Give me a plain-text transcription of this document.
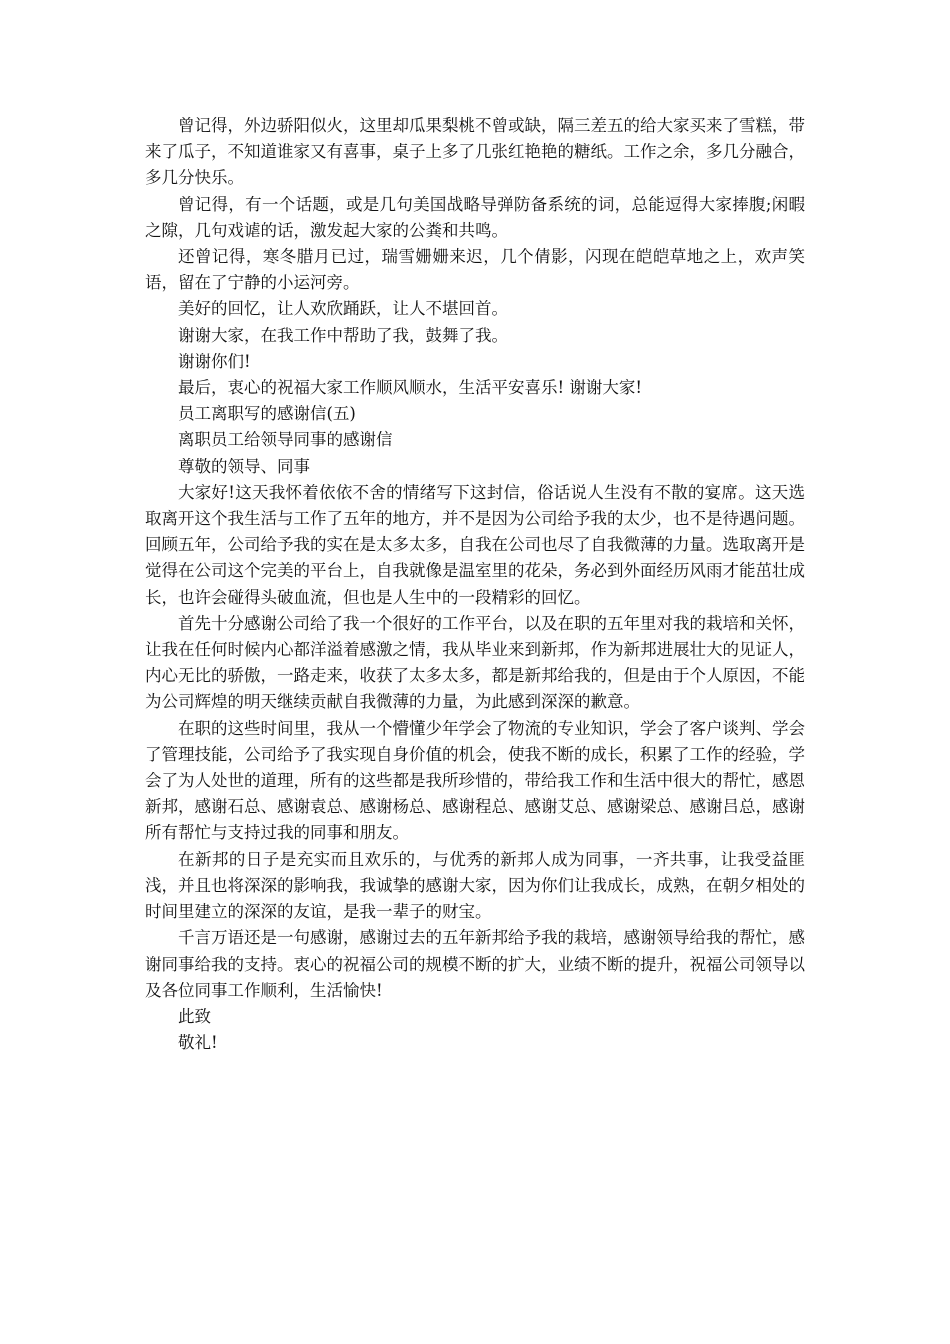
曾记得，外边骄阳似火，这里却瓜果梨桃不曾或缺，隔三差五的给大家买来了雪糕，带来了瓜子，不知道谁家又有喜事，桌子上多了几张红艳艳的糖纸。工作之余，多几分融合，多几分快乐。

曾记得，有一个话题，或是几句美国战略导弹防备系统的词，总能逗得大家捧腹;闲暇之隙，几句戏谑的话，激发起大家的公粪和共鸣。

还曾记得，寒冬腊月已过，瑞雪姗姗来迟，几个倩影，闪现在皑皑草地之上，欢声笑语，留在了宁静的小运河旁。

美好的回忆，让人欢欣踊跃，让人不堪回首。

谢谢大家，在我工作中帮助了我，鼓舞了我。

谢谢你们!

最后，衷心的祝福大家工作顺风顺水，生活平安喜乐! 谢谢大家!

员工离职写的感谢信(五)

离职员工给领导同事的感谢信

尊敬的领导、同事

大家好!这天我怀着依依不舍的情绪写下这封信，俗话说人生没有不散的宴席。这天选取离开这个我生活与工作了五年的地方，并不是因为公司给予我的太少，也不是待遇问题。回顾五年，公司给予我的实在是太多太多，自我在公司也尽了自我微薄的力量。选取离开是觉得在公司这个完美的平台上，自我就像是温室里的花朵，务必到外面经历风雨才能茁壮成长，也许会碰得头破血流，但也是人生中的一段精彩的回忆。

首先十分感谢公司给了我一个很好的工作平台，以及在职的五年里对我的栽培和关怀，让我在任何时候内心都洋溢着感激之情，我从毕业来到新邦，作为新邦进展壮大的见证人，内心无比的骄傲，一路走来，收获了太多太多，都是新邦给我的，但是由于个人原因，不能为公司辉煌的明天继续贡献自我微薄的力量，为此感到深深的歉意。

在职的这些时间里，我从一个懵懂少年学会了物流的专业知识，学会了客户谈判、学会了管理技能，公司给予了我实现自身价值的机会，使我不断的成长，积累了工作的经验，学会了为人处世的道理，所有的这些都是我所珍惜的，带给我工作和生活中很大的帮忙，感恩新邦，感谢石总、感谢袁总、感谢杨总、感谢程总、感谢艾总、感谢梁总、感谢吕总，感谢所有帮忙与支持过我的同事和朋友。

在新邦的日子是充实而且欢乐的，与优秀的新邦人成为同事，一齐共事，让我受益匪浅，并且也将深深的影响我，我诚挚的感谢大家，因为你们让我成长，成熟，在朝夕相处的时间里建立的深深的友谊，是我一辈子的财宝。

千言万语还是一句感谢，感谢过去的五年新邦给予我的栽培，感谢领导给我的帮忙，感谢同事给我的支持。衷心的祝福公司的规模不断的扩大，业绩不断的提升，祝福公司领导以及各位同事工作顺利，生活愉快!

此致

敬礼!
